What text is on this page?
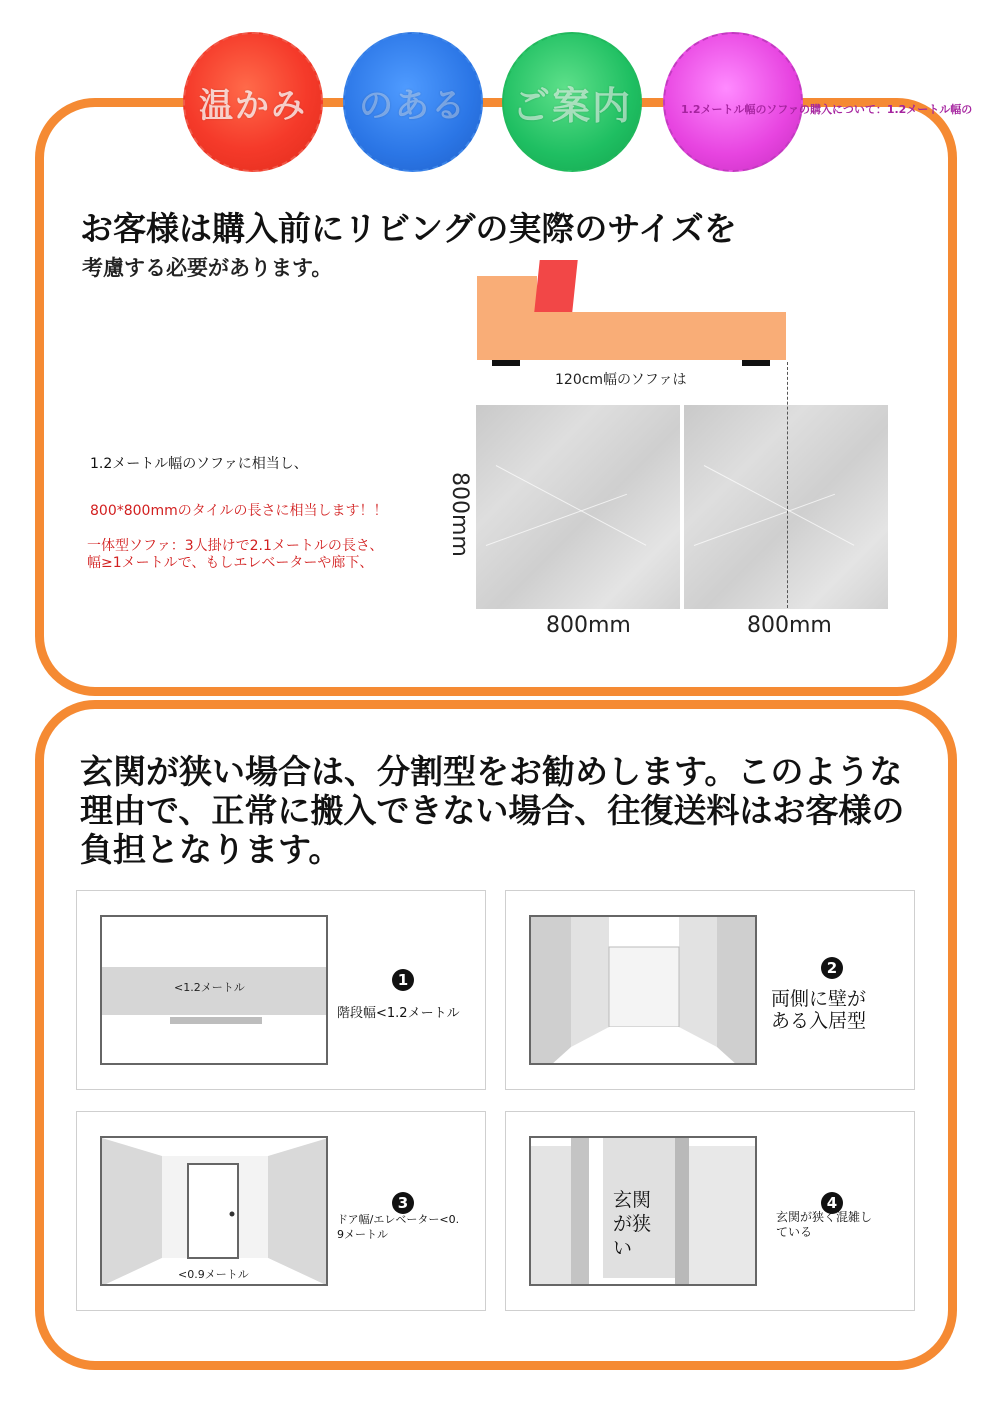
温かみ のある ご案内	1.2メートル幅のソファの購入について：1.2メートル幅の
お客様は購入前にリビングの実際のサイズを
考慮する必要があります。
1.2メートル幅のソファに相当し、
800*800mmのタイルの長さに相当します！！
一体型ソファ：3人掛けで2.1メートルの長さ、
幅≥1メートルで、もしエレベーターや廊下、
120cm幅のソファは
800mm
800mm	800mm
玄関が狭い場合は、分割型をお勧めします。このような理由で、正常に搬入できない場合、往復送料はお客様の負担となります。
<1.2メートル	1
階段幅<1.2メートル
2
両側に壁が
ある入居型
<0.9メートル
3
ドア幅/エレベーター<0.
9メートル
玄関が狭い
4
玄関が狭く混雑し
ている
